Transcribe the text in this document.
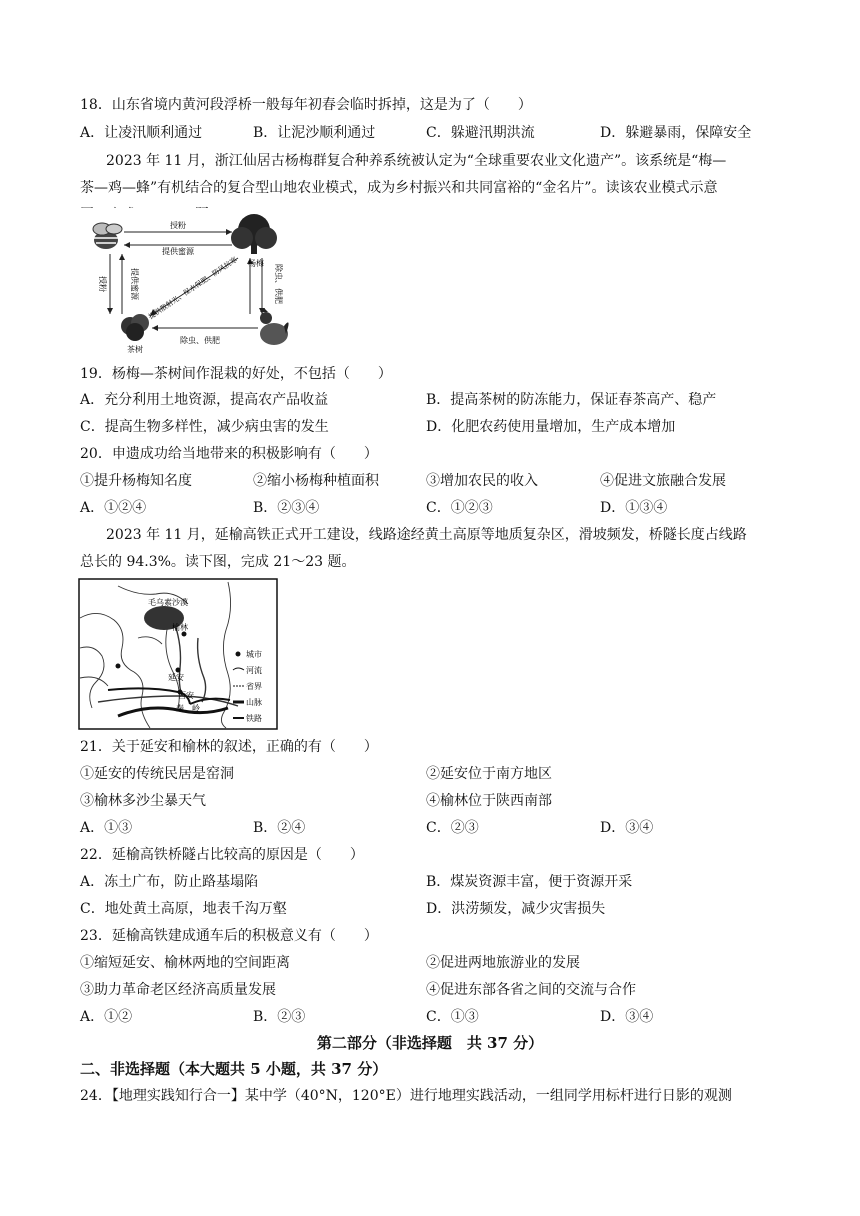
18．山东省境内黄河段浮桥一般每年初春会临时拆掉，这是为了（　　）
A．让凌汛顺利通过	B．让泥沙顺利通过	C．躲避汛期洪流	D．躲避暴雨，保障安全
2023 年 11 月，浙江仙居古杨梅群复合种养系统被认定为“全球重要农业文化遗产”。该系统是“梅—
茶—鸡—蜂”有机结合的复合型山地农业模式，成为乡村振兴和共同富裕的“金名片”。读该农业模式示意
授粉
提供蜜源
杨梅
除虫、供肥
除虫、供肥
茶树
授粉	提供蜜源 提供散射光、保水保肥、防风抗寒
19．杨梅—茶树间作混栽的好处，不包括（　　）
A．充分利用土地资源，提高农产品收益	B．提高茶树的防冻能力，保证春茶高产、稳产
C．提高生物多样性，减少病虫害的发生	D．化肥农药使用量增加，生产成本增加
20．申遗成功给当地带来的积极影响有（　　）
①提升杨梅知名度	②缩小杨梅种植面积	③增加农民的收入	④促进文旅融合发展
A．①②④	B．②③④	C．①②③	D．①③④
2023 年 11 月，延榆高铁正式开工建设，线路途经黄土高原等地质复杂区，滑坡频发，桥隧长度占线路
总长的 94.3%。读下图，完成 21～23 题。
毛乌素沙漠
榆林
延安
西安
秦岭
城市
河流
省界
山脉
铁路
21．关于延安和榆林的叙述，正确的有（　　）
①延安的传统民居是窑洞	②延安位于南方地区
③榆林多沙尘暴天气	④榆林位于陕西南部
A．①③	B．②④	C．②③	D．③④
22．延榆高铁桥隧占比较高的原因是（　　）
A．冻土广布，防止路基塌陷	B．煤炭资源丰富，便于资源开采
C．地处黄土高原，地表千沟万壑	D．洪涝频发，减少灾害损失
23．延榆高铁建成通车后的积极意义有（　　）
①缩短延安、榆林两地的空间距离	②促进两地旅游业的发展
③助力革命老区经济高质量发展	④促进东部各省之间的交流与合作
A．①②	B．②③	C．①③	D．③④
第二部分（非选择题　共 37 分）
二、非选择题（本大题共 5 小题，共 37 分）
24．【地理实践知行合一】某中学（40°N，120°E）进行地理实践活动，一组同学用标杆进行日影的观测
